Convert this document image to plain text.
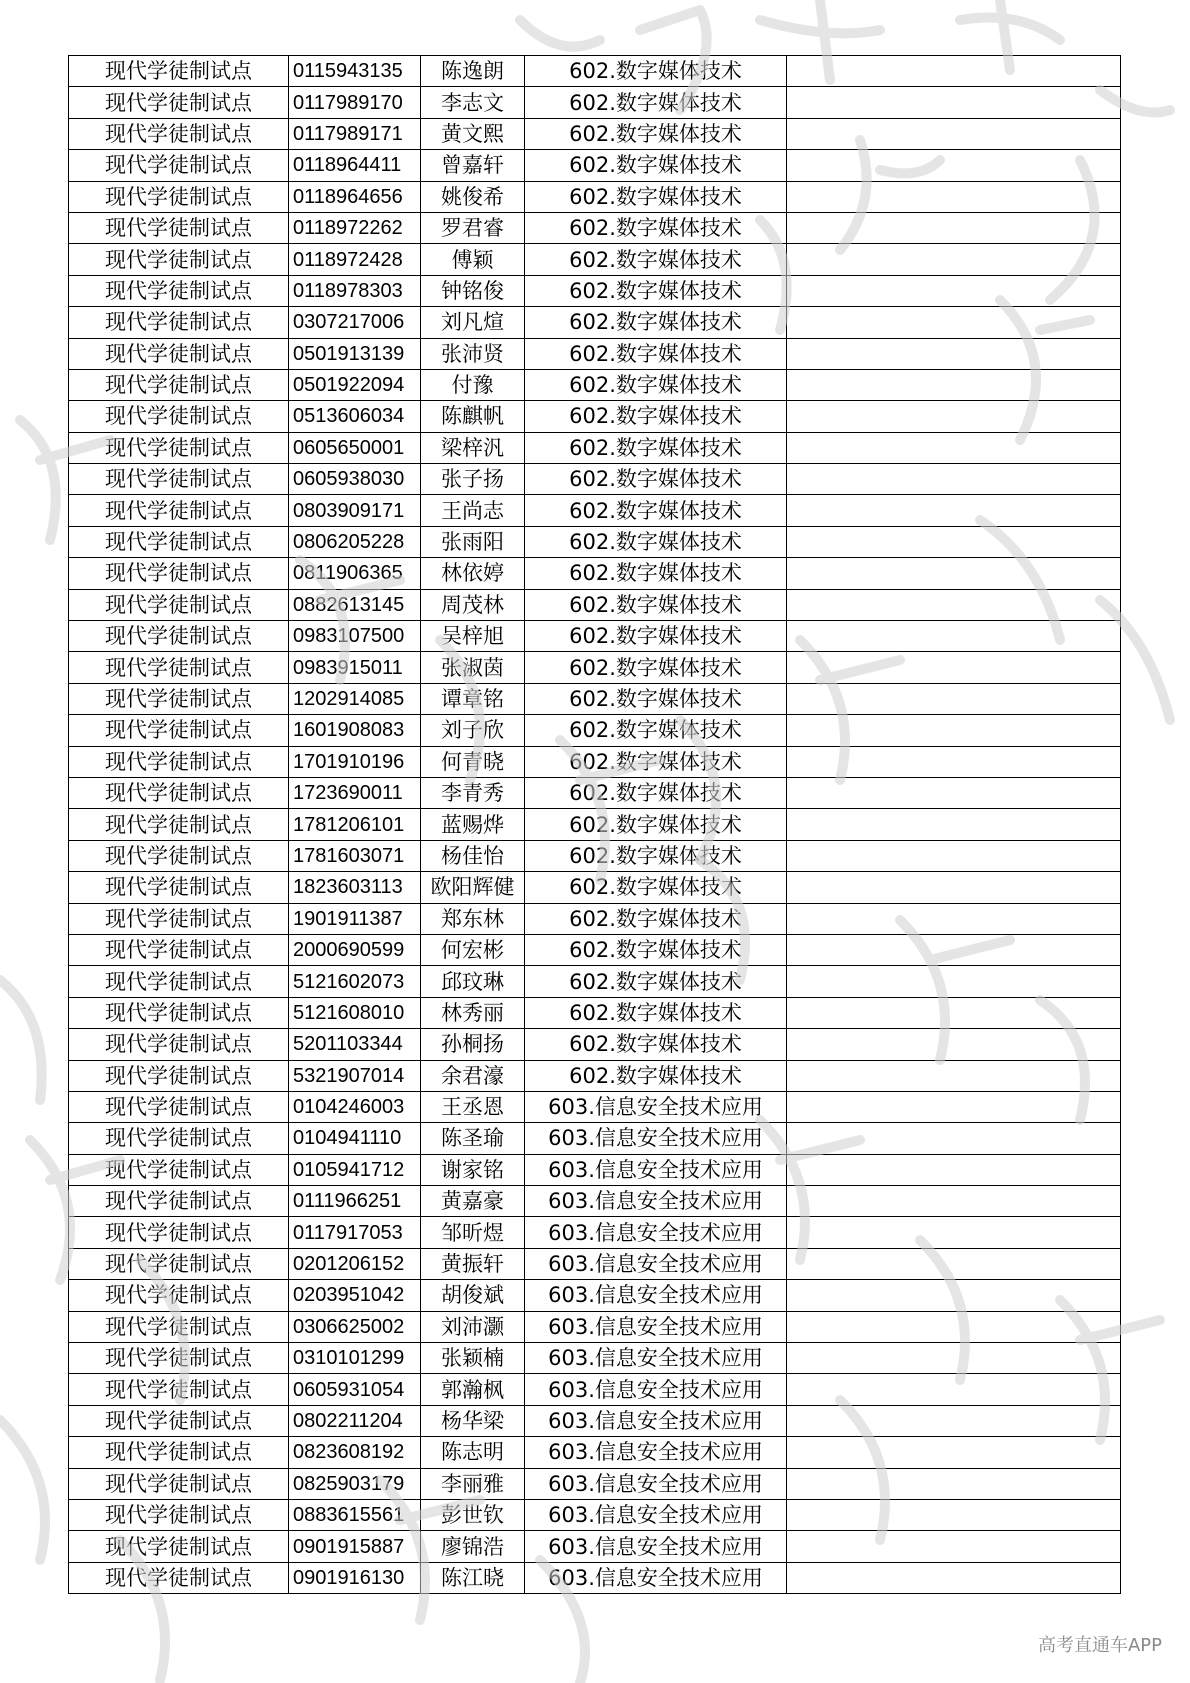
现代学徒制试点	0115943135	陈逸朗	602.数字媒体技术	
现代学徒制试点	0117989170	李志文	602.数字媒体技术	
现代学徒制试点	0117989171	黄文熙	602.数字媒体技术	
现代学徒制试点	0118964411	曾嘉轩	602.数字媒体技术	
现代学徒制试点	0118964656	姚俊希	602.数字媒体技术	
现代学徒制试点	0118972262	罗君睿	602.数字媒体技术	
现代学徒制试点	0118972428	傅颖	602.数字媒体技术	
现代学徒制试点	0118978303	钟铭俊	602.数字媒体技术	
现代学徒制试点	0307217006	刘凡煊	602.数字媒体技术	
现代学徒制试点	0501913139	张沛贤	602.数字媒体技术	
现代学徒制试点	0501922094	付豫	602.数字媒体技术	
现代学徒制试点	0513606034	陈麒帆	602.数字媒体技术	
现代学徒制试点	0605650001	梁梓汎	602.数字媒体技术	
现代学徒制试点	0605938030	张子扬	602.数字媒体技术	
现代学徒制试点	0803909171	王尚志	602.数字媒体技术	
现代学徒制试点	0806205228	张雨阳	602.数字媒体技术	
现代学徒制试点	0811906365	林依婷	602.数字媒体技术	
现代学徒制试点	0882613145	周茂林	602.数字媒体技术	
现代学徒制试点	0983107500	吴梓旭	602.数字媒体技术	
现代学徒制试点	0983915011	张淑茵	602.数字媒体技术	
现代学徒制试点	1202914085	谭章铭	602.数字媒体技术	
现代学徒制试点	1601908083	刘子欣	602.数字媒体技术	
现代学徒制试点	1701910196	何青晓	602.数字媒体技术	
现代学徒制试点	1723690011	李青秀	602.数字媒体技术	
现代学徒制试点	1781206101	蓝赐烨	602.数字媒体技术	
现代学徒制试点	1781603071	杨佳怡	602.数字媒体技术	
现代学徒制试点	1823603113	欧阳辉健	602.数字媒体技术	
现代学徒制试点	1901911387	郑东林	602.数字媒体技术	
现代学徒制试点	2000690599	何宏彬	602.数字媒体技术	
现代学徒制试点	5121602073	邱玟琳	602.数字媒体技术	
现代学徒制试点	5121608010	林秀丽	602.数字媒体技术	
现代学徒制试点	5201103344	孙桐扬	602.数字媒体技术	
现代学徒制试点	5321907014	余君濠	602.数字媒体技术	
现代学徒制试点	0104246003	王丞恩	603.信息安全技术应用	
现代学徒制试点	0104941110	陈圣瑜	603.信息安全技术应用	
现代学徒制试点	0105941712	谢家铭	603.信息安全技术应用	
现代学徒制试点	0111966251	黄嘉豪	603.信息安全技术应用	
现代学徒制试点	0117917053	邹昕煜	603.信息安全技术应用	
现代学徒制试点	0201206152	黄振轩	603.信息安全技术应用	
现代学徒制试点	0203951042	胡俊斌	603.信息安全技术应用	
现代学徒制试点	0306625002	刘沛灏	603.信息安全技术应用	
现代学徒制试点	0310101299	张颖楠	603.信息安全技术应用	
现代学徒制试点	0605931054	郭瀚枫	603.信息安全技术应用	
现代学徒制试点	0802211204	杨华梁	603.信息安全技术应用	
现代学徒制试点	0823608192	陈志明	603.信息安全技术应用	
现代学徒制试点	0825903179	李丽雅	603.信息安全技术应用	
现代学徒制试点	0883615561	彭世钦	603.信息安全技术应用	
现代学徒制试点	0901915887	廖锦浩	603.信息安全技术应用	
现代学徒制试点	0901916130	陈江晓	603.信息安全技术应用	
高考直通车APP
